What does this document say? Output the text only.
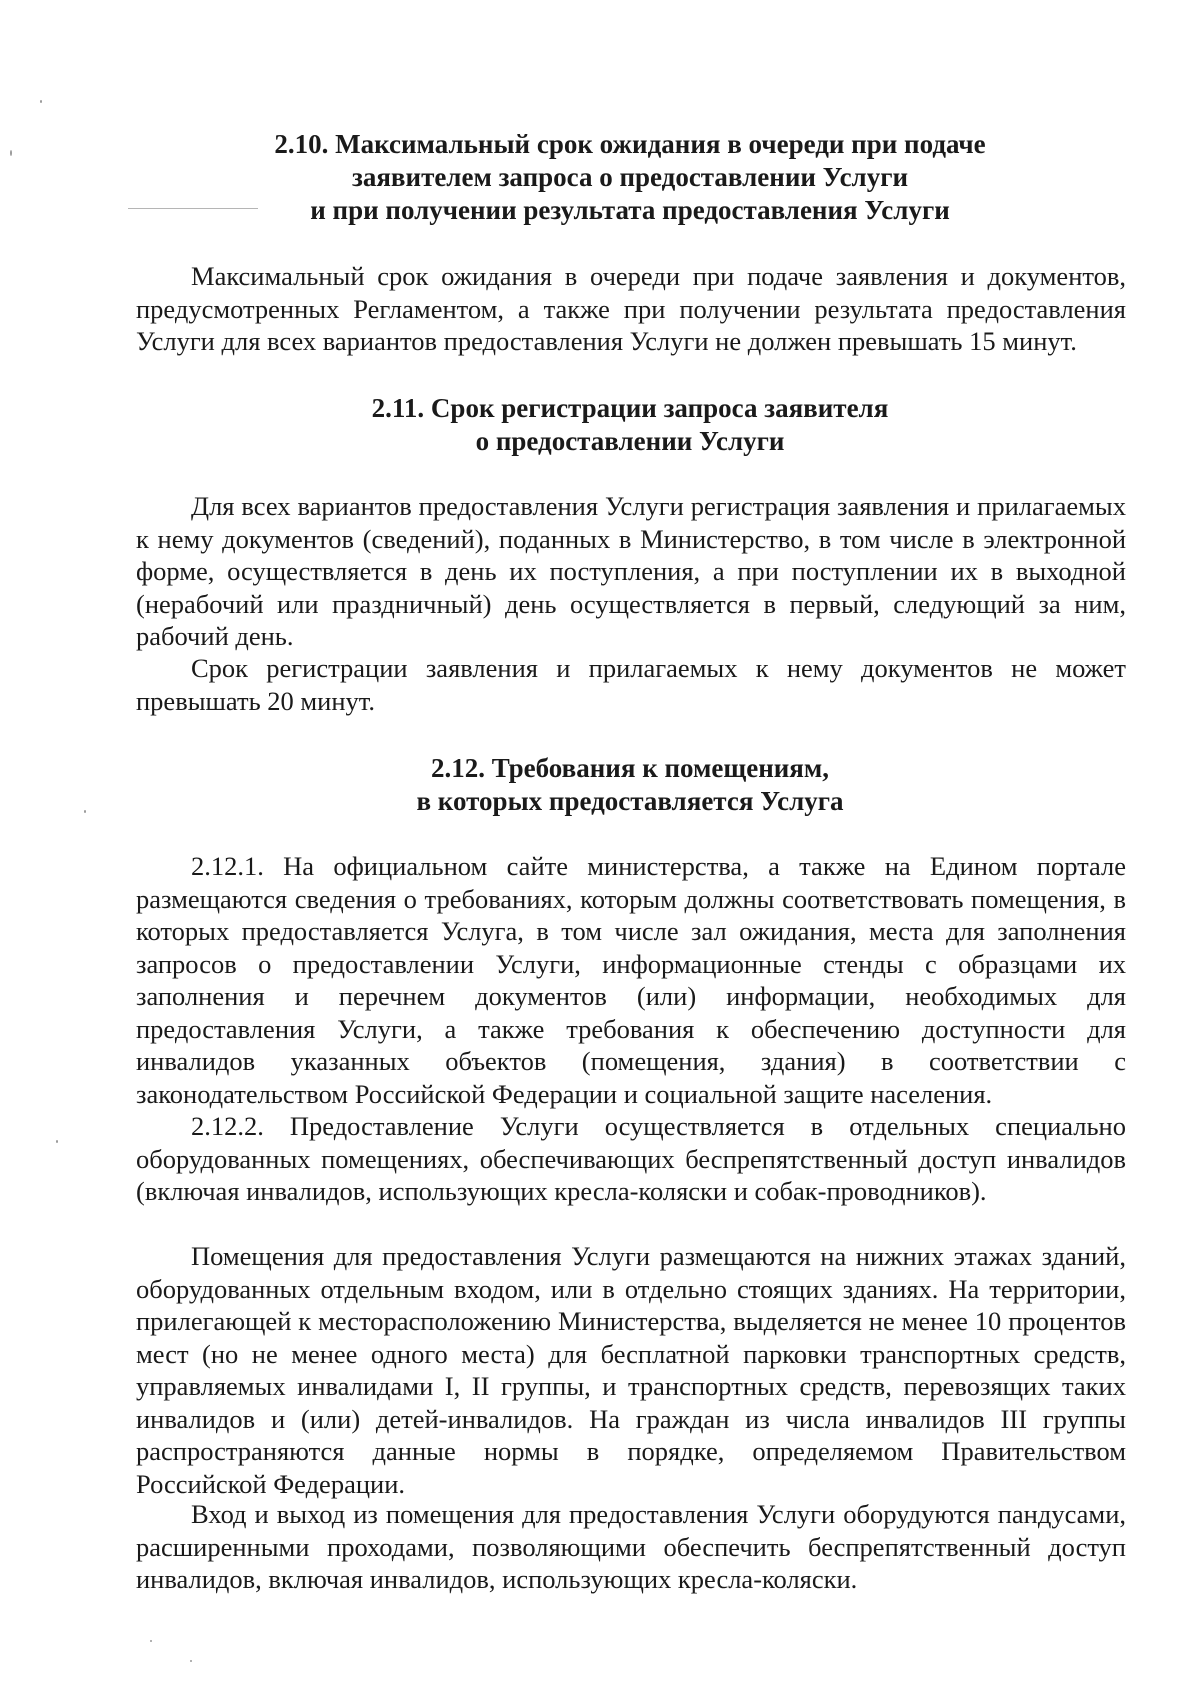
2.10. Максимальный срок ожидания в очереди при подаче
заявителем запроса о предоставлении Услуги
и при получении результата предоставления Услуги

Максимальный срок ожидания в очереди при подаче заявления и документов, предусмотренных Регламентом, а также при получении результата предоставления Услуги для всех вариантов предоставления Услуги не должен превышать 15 минут.

2.11. Срок регистрации запроса заявителя
о предоставлении Услуги

Для всех вариантов предоставления Услуги регистрация заявления и прилагаемых к нему документов (сведений), поданных в Министерство, в том числе в электронной форме, осуществляется в день их поступления, а при поступлении их в выходной (нерабочий или праздничный) день осуществляется в первый, следующий за ним, рабочий день.

Срок регистрации заявления и прилагаемых к нему документов не может превышать 20 минут.

2.12. Требования к помещениям,
в которых предоставляется Услуга

2.12.1. На официальном сайте министерства, а также на Едином портале размещаются сведения о требованиях, которым должны соответствовать помещения, в которых предоставляется Услуга, в том числе зал ожидания, места для заполнения запросов о предоставлении Услуги, информационные стенды с образцами их заполнения и перечнем документов (или) информации, необходимых для предоставления Услуги, а также требования к обеспечению доступности для инвалидов указанных объектов (помещения, здания) в соответствии с законодательством Российской Федерации и социальной защите населения.

2.12.2. Предоставление Услуги осуществляется в отдельных специально оборудованных помещениях, обеспечивающих беспрепятственный доступ инвалидов (включая инвалидов, использующих кресла-коляски и собак-проводников).

Помещения для предоставления Услуги размещаются на нижних этажах зданий, оборудованных отдельным входом, или в отдельно стоящих зданиях. На территории, прилегающей к месторасположению Министерства, выделяется не менее 10 процентов мест (но не менее одного места) для бесплатной парковки транспортных средств, управляемых инвалидами I, II группы, и транспортных средств, перевозящих таких инвалидов и (или) детей-инвалидов. На граждан из числа инвалидов III группы распространяются данные нормы в порядке, определяемом Правительством Российской Федерации.

Вход и выход из помещения для предоставления Услуги оборудуются пандусами, расширенными проходами, позволяющими обеспечить беспрепятственный доступ инвалидов, включая инвалидов, использующих кресла-коляски.
